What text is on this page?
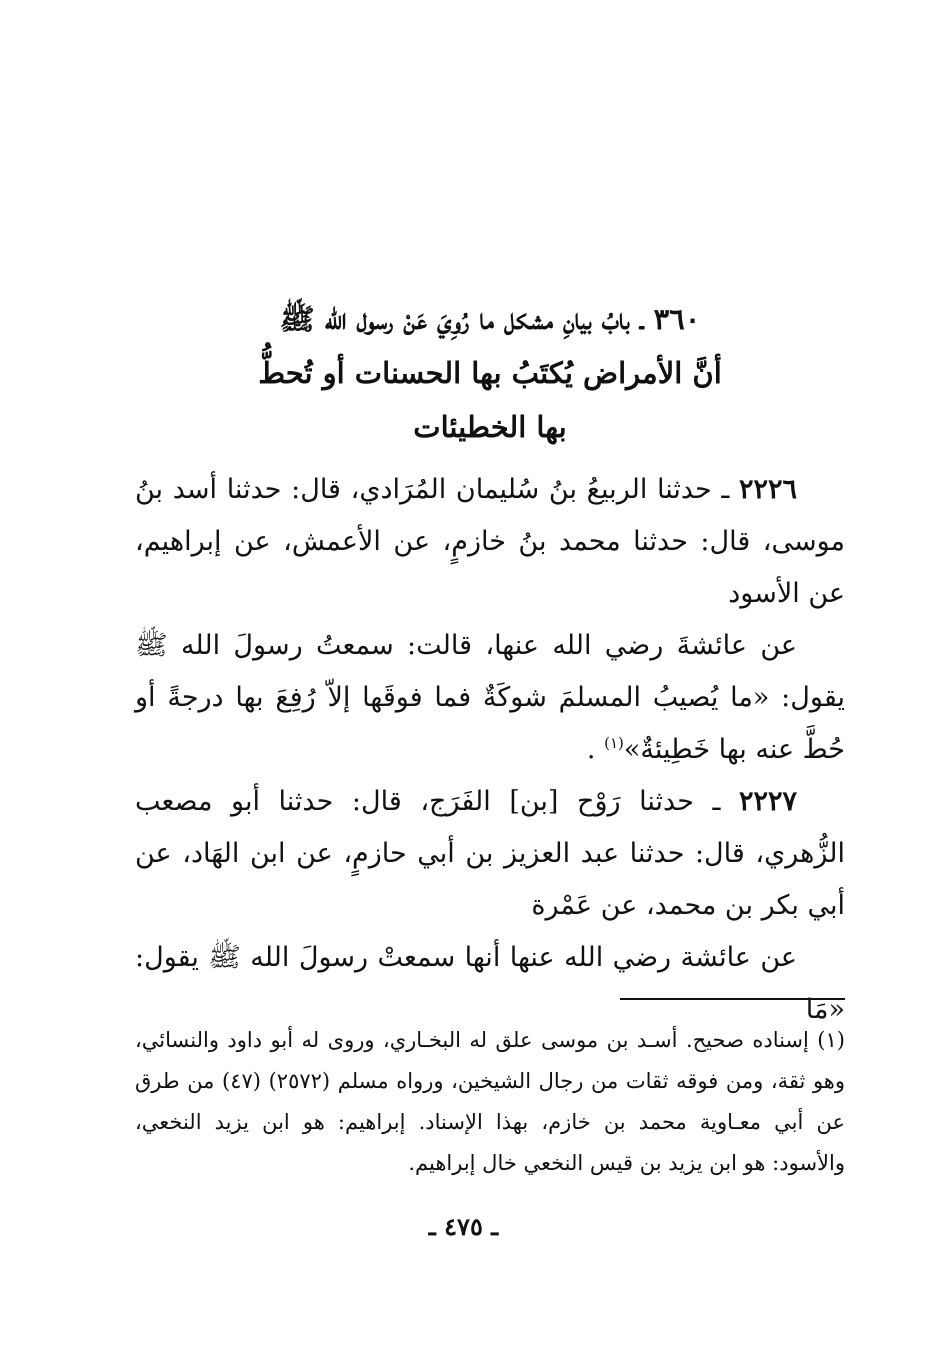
٣٦٠ ـ بابُ بيانِ مشكل ما رُوِيَ عَنْ رسول الله ﷺ
أنَّ الأمراض يُكتَبُ بها الحسنات أو تُحطُّ
بها الخطيئات

٢٢٢٦ ـ حدثنا الربيعُ بنُ سُليمان المُرَادي، قال: حدثنا أسد بنُ موسى، قال: حدثنا محمد بنُ خازمٍ، عن الأعمش، عن إبراهيم، عن الأسود

عن عائشةَ رضي الله عنها، قالت: سمعتُ رسولَ الله ﷺ يقول: «ما يُصيبُ المسلمَ شوكَةٌ فما فوقَها إلاّ رُفِعَ بها درجةً أو حُطَّ عنه بها خَطِيئةٌ»$^{(١)}$ .

٢٢٢٧ ـ حدثنا رَوْح [بن] الفَرَج، قال: حدثنا أبو مصعب الزُّهري، قال: حدثنا عبد العزيز بن أبي حازمٍ، عن ابن الهَاد، عن أبي بكر بن محمد، عن عَمْرة

عن عائشة رضي الله عنها أنها سمعتْ رسولَ الله ﷺ يقول: «مَا

(١) إسناده صحيح. أسـد بن موسى علق له البخـاري، وروى له أبو داود والنسائي، وهو ثقة، ومن فوقه ثقات من رجال الشيخين، ورواه مسلم (٢٥٧٢) (٤٧) من طرق عن أبي معـاوية محمد بن خازم، بهذا الإسناد. إبراهيم: هو ابن يزيد النخعي، والأسود: هو ابن يزيد بن قيس النخعي خال إبراهيم.

ـ ٤٧٥ ـ
